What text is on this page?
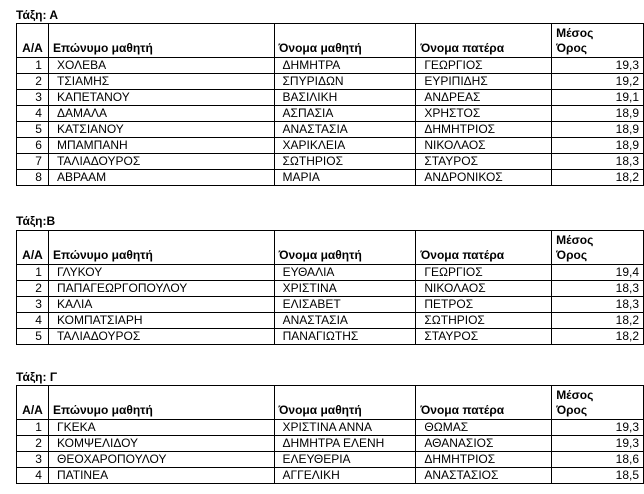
Τάξη: Α
Α/Α	Επώνυμο μαθητή	Όνομα μαθητή	Όνομα πατέρα	Μέσος
Όρος

1	ΧΟΛΕΒΑ	ΔΗΜΗΤΡΑ	ΓΕΩΡΓΙΟΣ	19,3
2	ΤΣΙΑΜΗΣ	ΣΠΥΡΙΔΩΝ	ΕΥΡΙΠΙΔΗΣ	19,2
3	ΚΑΠΕΤΑΝΟΥ	ΒΑΣΙΛΙΚΗ	ΑΝΔΡΕΑΣ	19,1
4	ΔΑΜΑΛΑ	ΑΣΠΑΣΙΑ	ΧΡΗΣΤΟΣ	18,9
5	ΚΑΤΣΙΑΝΟΥ	ΑΝΑΣΤΑΣΙΑ	ΔΗΜΗΤΡΙΟΣ	18,9
6	ΜΠΑΜΠΑΝΗ	ΧΑΡΙΚΛΕΙΑ	ΝΙΚΟΛΑΟΣ	18,9
7	ΤΑΛΙΑΔΟΥΡΟΣ	ΣΩΤΗΡΙΟΣ	ΣΤΑΥΡΟΣ	18,3
8	ΑΒΡΑΑΜ	ΜΑΡΙΑ	ΑΝΔΡΟΝΙΚΟΣ	18,2
Τάξη:Β
Α/Α	Επώνυμο μαθητή	Όνομα μαθητή	Όνομα πατέρα	Μέσος
Όρος

1	ΓΛΥΚΟΥ	ΕΥΘΑΛΙΑ	ΓΕΩΡΓΙΟΣ	19,4
2	ΠΑΠΑΓΕΩΡΓΟΠΟΥΛΟΥ	ΧΡΙΣΤΙΝΑ	ΝΙΚΟΛΑΟΣ	18,3
3	ΚΑΛΙΑ	ΕΛΙΣΑΒΕΤ	ΠΕΤΡΟΣ	18,3
4	ΚΟΜΠΑΤΣΙΑΡΗ	ΑΝΑΣΤΑΣΙΑ	ΣΩΤΗΡΙΟΣ	18,2
5	ΤΑΛΙΑΔΟΥΡΟΣ	ΠΑΝΑΓΙΩΤΗΣ	ΣΤΑΥΡΟΣ	18,2
Τάξη: Γ
Α/Α	Επώνυμο μαθητή	Όνομα μαθητή	Όνομα πατέρα	Μέσος
Όρος

1	ΓΚΕΚΑ	ΧΡΙΣΤΙΝΑ ΑΝΝΑ	ΘΩΜΑΣ	19,3
2	ΚΟΜΨΕΛΙΔΟΥ	ΔΗΜΗΤΡΑ ΕΛΕΝΗ	ΑΘΑΝΑΣΙΟΣ	19,3
3	ΘΕΟΧΑΡΟΠΟΥΛΟΥ	ΕΛΕΥΘΕΡΙΑ	ΔΗΜΗΤΡΙΟΣ	18,6
4	ΠΑΤΙΝΕΑ	ΑΓΓΕΛΙΚΗ	ΑΝΑΣΤΑΣΙΟΣ	18,5
